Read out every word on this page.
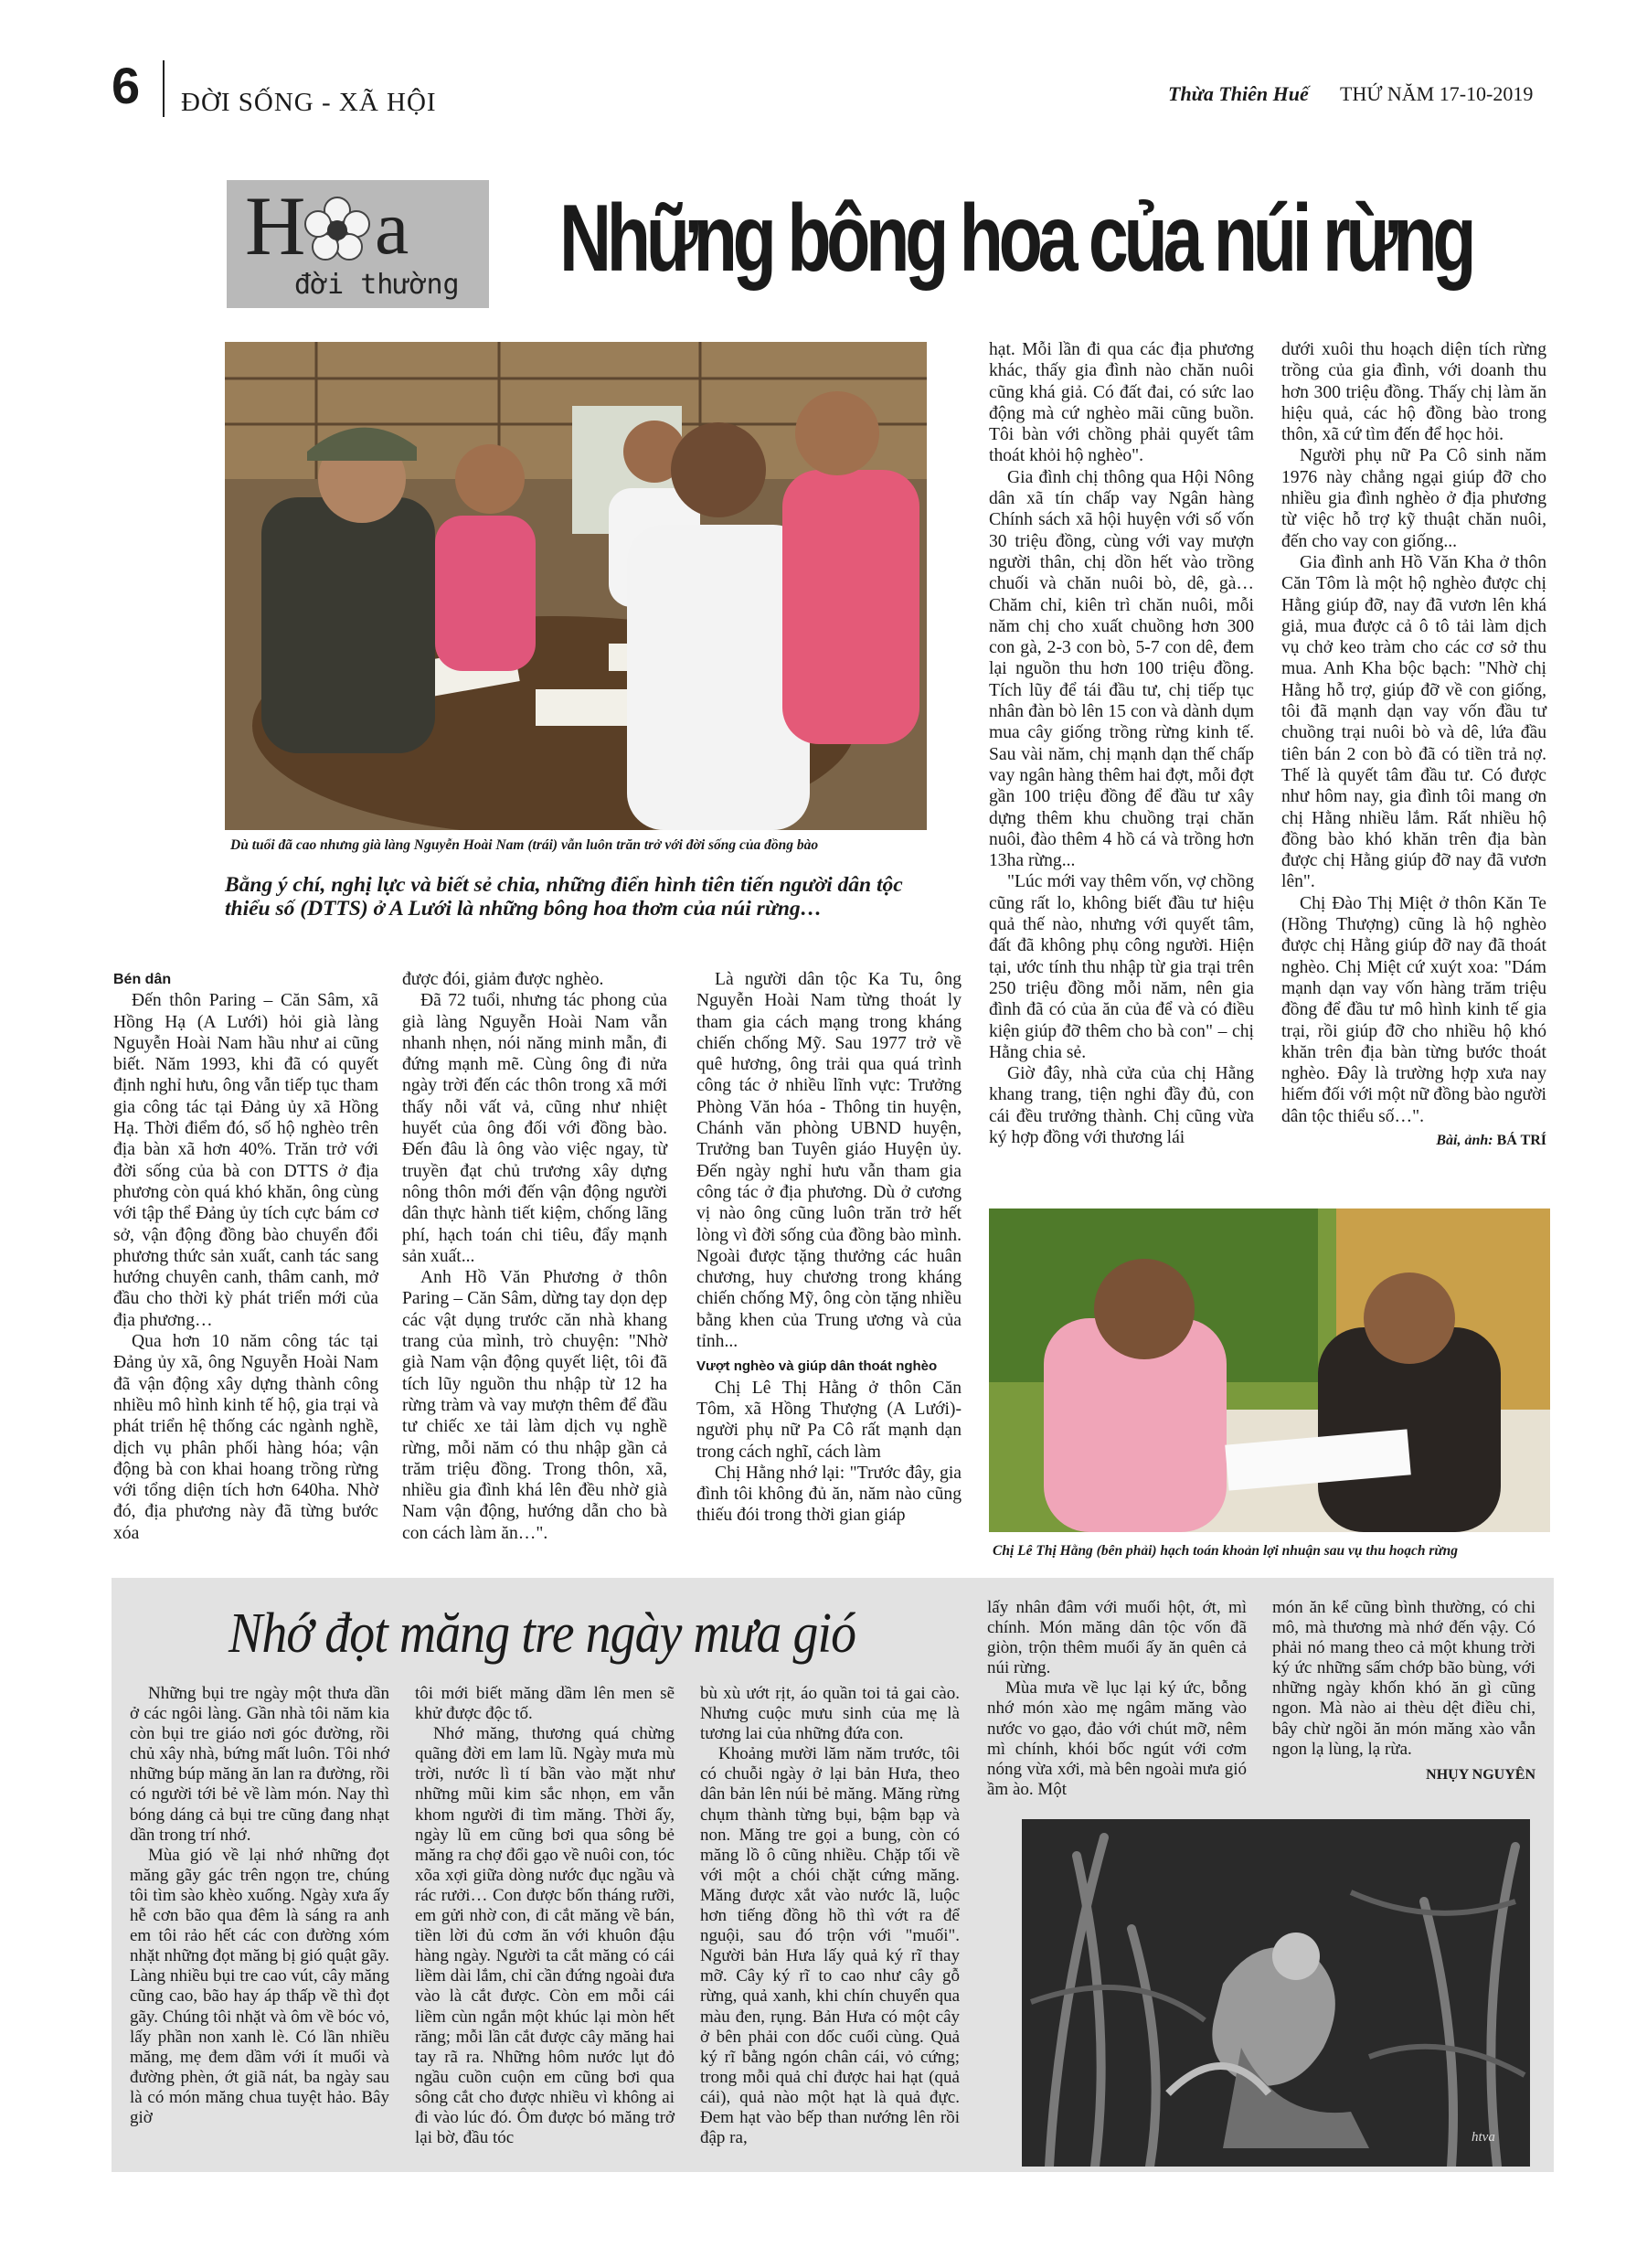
6 ĐỜI SỐNG - XÃ HỘI	Thừa Thiên Huế THỨ NĂM 17-10-2019
H a
đời thường Những bông hoa của núi rừng
Dù tuổi đã cao nhưng già làng Nguyễn Hoài Nam (trái) vẫn luôn trăn trở với đời sống của đồng bào
Bằng ý chí, nghị lực và biết sẻ chia, những điển hình tiên tiến người dân tộc thiểu số (DTTS) ở A Lưới là những bông hoa thơm của núi rừng…

Bén dân

Đến thôn Paring – Căn Sâm, xã Hồng Hạ (A Lưới) hỏi già làng Nguyễn Hoài Nam hầu như ai cũng biết. Năm 1993, khi đã có quyết định nghỉ hưu, ông vẫn tiếp tục tham gia công tác tại Đảng ủy xã Hồng Hạ. Thời điểm đó, số hộ nghèo trên địa bàn xã hơn 40%. Trăn trở với đời sống của bà con DTTS ở địa phương còn quá khó khăn, ông cùng với tập thể Đảng ủy tích cực bám cơ sở, vận động đồng bào chuyển đổi phương thức sản xuất, canh tác sang hướng chuyên canh, thâm canh, mở đầu cho thời kỳ phát triển mới của địa phương…

Qua hơn 10 năm công tác tại Đảng ủy xã, ông Nguyễn Hoài Nam đã vận động xây dựng thành công nhiều mô hình kinh tế hộ, gia trại và phát triển hệ thống các ngành nghề, dịch vụ phân phối hàng hóa; vận động bà con khai hoang trồng rừng với tổng diện tích hơn 640ha. Nhờ đó, địa phương này đã từng bước xóa

được đói, giảm được nghèo.

Đã 72 tuổi, nhưng tác phong của già làng Nguyễn Hoài Nam vẫn nhanh nhẹn, nói năng minh mẫn, đi đứng mạnh mẽ. Cùng ông đi nửa ngày trời đến các thôn trong xã mới thấy nỗi vất vả, cũng như nhiệt huyết của ông đối với đồng bào. Đến đâu là ông vào việc ngay, từ truyền đạt chủ trương xây dựng nông thôn mới đến vận động người dân thực hành tiết kiệm, chống lãng phí, hạch toán chi tiêu, đẩy mạnh sản xuất...

Anh Hồ Văn Phương ở thôn Paring – Căn Sâm, dừng tay dọn dẹp các vật dụng trước căn nhà khang trang của mình, trò chuyện: "Nhờ già Nam vận động quyết liệt, tôi đã tích lũy nguồn thu nhập từ 12 ha rừng tràm và vay mượn thêm để đầu tư chiếc xe tải làm dịch vụ nghề rừng, mỗi năm có thu nhập gần cả trăm triệu đồng. Trong thôn, xã, nhiều gia đình khá lên đều nhờ già Nam vận động, hướng dẫn cho bà con cách làm ăn…".

Là người dân tộc Ka Tu, ông Nguyễn Hoài Nam từng thoát ly tham gia cách mạng trong kháng chiến chống Mỹ. Sau 1977 trở về quê hương, ông trải qua quá trình công tác ở nhiều lĩnh vực: Trưởng Phòng Văn hóa - Thông tin huyện, Chánh văn phòng UBND huyện, Trưởng ban Tuyên giáo Huyện ủy. Đến ngày nghỉ hưu vẫn tham gia công tác ở địa phương. Dù ở cương vị nào ông cũng luôn trăn trở hết lòng vì đời sống của đồng bào mình. Ngoài được tặng thưởng các huân chương, huy chương trong kháng chiến chống Mỹ, ông còn tặng nhiều bằng khen của Trung ương và của tỉnh...

Vượt nghèo và giúp dân thoát nghèo

Chị Lê Thị Hằng ở thôn Căn Tôm, xã Hồng Thượng (A Lưới)- người phụ nữ Pa Cô rất mạnh dạn trong cách nghĩ, cách làm

Chị Hằng nhớ lại: "Trước đây, gia đình tôi không đủ ăn, năm nào cũng thiếu đói trong thời gian giáp

hạt. Mỗi lần đi qua các địa phương khác, thấy gia đình nào chăn nuôi cũng khá giả. Có đất đai, có sức lao động mà cứ nghèo mãi cũng buồn. Tôi bàn với chồng phải quyết tâm thoát khỏi hộ nghèo".

Gia đình chị thông qua Hội Nông dân xã tín chấp vay Ngân hàng Chính sách xã hội huyện với số vốn 30 triệu đồng, cùng với vay mượn người thân, chị dồn hết vào trồng chuối và chăn nuôi bò, dê, gà… Chăm chỉ, kiên trì chăn nuôi, mỗi năm chị cho xuất chuồng hơn 300 con gà, 2-3 con bò, 5-7 con dê, đem lại nguồn thu hơn 100 triệu đồng. Tích lũy để tái đầu tư, chị tiếp tục nhân đàn bò lên 15 con và dành dụm mua cây giống trồng rừng kinh tế. Sau vài năm, chị mạnh dạn thế chấp vay ngân hàng thêm hai đợt, mỗi đợt gần 100 triệu đồng để đầu tư xây dựng thêm khu chuồng trại chăn nuôi, đào thêm 4 hồ cá và trồng hơn 13ha rừng...

"Lúc mới vay thêm vốn, vợ chồng cũng rất lo, không biết đầu tư hiệu quả thế nào, nhưng với quyết tâm, đất đã không phụ công người. Hiện tại, ước tính thu nhập từ gia trại trên 250 triệu đồng mỗi năm, nên gia đình đã có của ăn của để và có điều kiện giúp đỡ thêm cho bà con" – chị Hằng chia sẻ.

Giờ đây, nhà cửa của chị Hằng khang trang, tiện nghi đầy đủ, con cái đều trưởng thành. Chị cũng vừa ký hợp đồng với thương lái

dưới xuôi thu hoạch diện tích rừng trồng của gia đình, với doanh thu hơn 300 triệu đồng. Thấy chị làm ăn hiệu quả, các hộ đồng bào trong thôn, xã cứ tìm đến để học hỏi.

Người phụ nữ Pa Cô sinh năm 1976 này chẳng ngại giúp đỡ cho nhiều gia đình nghèo ở địa phương từ việc hỗ trợ kỹ thuật chăn nuôi, đến cho vay con giống...

Gia đình anh Hồ Văn Kha ở thôn Căn Tôm là một hộ nghèo được chị Hằng giúp đỡ, nay đã vươn lên khá giả, mua được cả ô tô tải làm dịch vụ chở keo tràm cho các cơ sở thu mua. Anh Kha bộc bạch: "Nhờ chị Hằng hỗ trợ, giúp đỡ về con giống, tôi đã mạnh dạn vay vốn đầu tư chuồng trại nuôi bò và dê, lứa đầu tiên bán 2 con bò đã có tiền trả nợ. Thế là quyết tâm đầu tư. Có được như hôm nay, gia đình tôi mang ơn chị Hằng nhiều lắm. Rất nhiều hộ đồng bào khó khăn trên địa bàn được chị Hằng giúp đỡ nay đã vươn lên".

Chị Đào Thị Miệt ở thôn Kăn Te (Hồng Thượng) cũng là hộ nghèo được chị Hằng giúp đỡ nay đã thoát nghèo. Chị Miệt cứ xuýt xoa: "Dám mạnh dạn vay vốn hàng trăm triệu đồng để đầu tư mô hình kinh tế gia trại, rồi giúp đỡ cho nhiều hộ khó khăn trên địa bàn từng bước thoát nghèo. Đây là trường hợp xưa nay hiếm đối với một nữ đồng bào người dân tộc thiểu số…".

Bài, ảnh: BÁ TRÍ
Chị Lê Thị Hằng (bên phải) hạch toán khoản lợi nhuận sau vụ thu hoạch rừng
Nhớ đọt măng tre ngày mưa gió

Những bụi tre ngày một thưa dần ở các ngôi làng. Gần nhà tôi năm kia còn bụi tre giáo nơi góc đường, rồi chủ xây nhà, bứng mất luôn. Tôi nhớ những búp măng ăn lan ra đường, rồi có người tới bẻ về làm món. Nay thì bóng dáng cả bụi tre cũng đang nhạt dần trong trí nhớ.

Mùa gió về lại nhớ những đọt măng gãy gác trên ngọn tre, chúng tôi tìm sào khèo xuống. Ngày xưa ấy hễ cơn bão qua đêm là sáng ra anh em tôi rảo hết các con đường xóm nhặt những đọt măng bị gió quật gãy. Làng nhiều bụi tre cao vút, cây măng cũng cao, bão hay áp thấp về thì đọt gãy. Chúng tôi nhặt và ôm về bóc vỏ, lấy phần non xanh lè. Có lần nhiều măng, mẹ đem dầm với ít muối và đường phèn, ớt giã nát, ba ngày sau là có món măng chua tuyệt hảo. Bây giờ

tôi mới biết măng dầm lên men sẽ khử được độc tố.

Nhớ măng, thương quá chừng quãng đời em lam lũ. Ngày mưa mù trời, nước lì tí bần vào mặt như những mũi kim sắc nhọn, em vẫn khom người đi tìm măng. Thời ấy, ngày lũ em cũng bơi qua sông bẻ măng ra chợ đổi gạo về nuôi con, tóc xõa xợi giữa dòng nước đục ngầu và rác rưởi… Con được bốn tháng rưỡi, em gửi nhờ con, đi cắt măng về bán, tiền lời đủ cơm ăn với khuôn đậu hàng ngày. Người ta cắt măng có cái liềm dài lắm, chỉ cần đứng ngoài đưa vào là cắt được. Còn em mỗi cái liềm cùn ngắn một khúc lại mòn hết răng; mỗi lần cắt được cây măng hai tay rã ra. Những hôm nước lụt đỏ ngầu cuồn cuộn em cũng bơi qua sông cắt cho được nhiều vì không ai đi vào lúc đó. Ôm được bó măng trở lại bờ, đầu tóc

bù xù ướt rịt, áo quần toi tả gai cào. Nhưng cuộc mưu sinh của mẹ là tương lai của những đứa con.

Khoảng mười lăm năm trước, tôi có chuỗi ngày ở lại bản Hưa, theo dân bản lên núi bẻ măng. Măng rừng chụm thành từng bụi, bậm bạp và non. Măng tre gọi a bung, còn có măng lồ ô cũng nhiều. Chặp tối về với một a chói chặt cứng măng. Măng được xắt vào nước lã, luộc hơn tiếng đồng hồ thì vớt ra để nguội, sau đó trộn với "muối". Người bản Hưa lấy quả ký rĩ thay mỡ. Cây ký rĩ to cao như cây gỗ rừng, quả xanh, khi chín chuyển qua màu đen, rụng. Bản Hưa có một cây ở bên phải con dốc cuối cùng. Quả ký rĩ bằng ngón chân cái, vỏ cứng; trong mỗi quả chỉ được hai hạt (quả cái), quả nào một hạt là quả đực. Đem hạt vào bếp than nướng lên rồi đập ra,

lấy nhân đâm với muối hột, ớt, mì chính. Món măng dân tộc vốn đã giòn, trộn thêm muối ấy ăn quên cả núi rừng.

Mùa mưa về lục lại ký ức, bỗng nhớ món xào mẹ ngâm măng vào nước vo gạo, đảo với chút mỡ, nêm mì chính, khói bốc ngút với cơm nóng vừa xới, mà bên ngoài mưa gió ầm ào. Một

món ăn kể cũng bình thường, có chi mô, mà thương mà nhớ đến vậy. Có phải nó mang theo cả một khung trời ký ức những sấm chớp bão bùng, với những ngày khốn khó ăn gì cũng ngon. Mà nào ai thèu dệt điều chi, bây chừ ngồi ăn món măng xào vẫn ngon lạ lùng, lạ rừa.

NHỤY NGUYÊN
htva
